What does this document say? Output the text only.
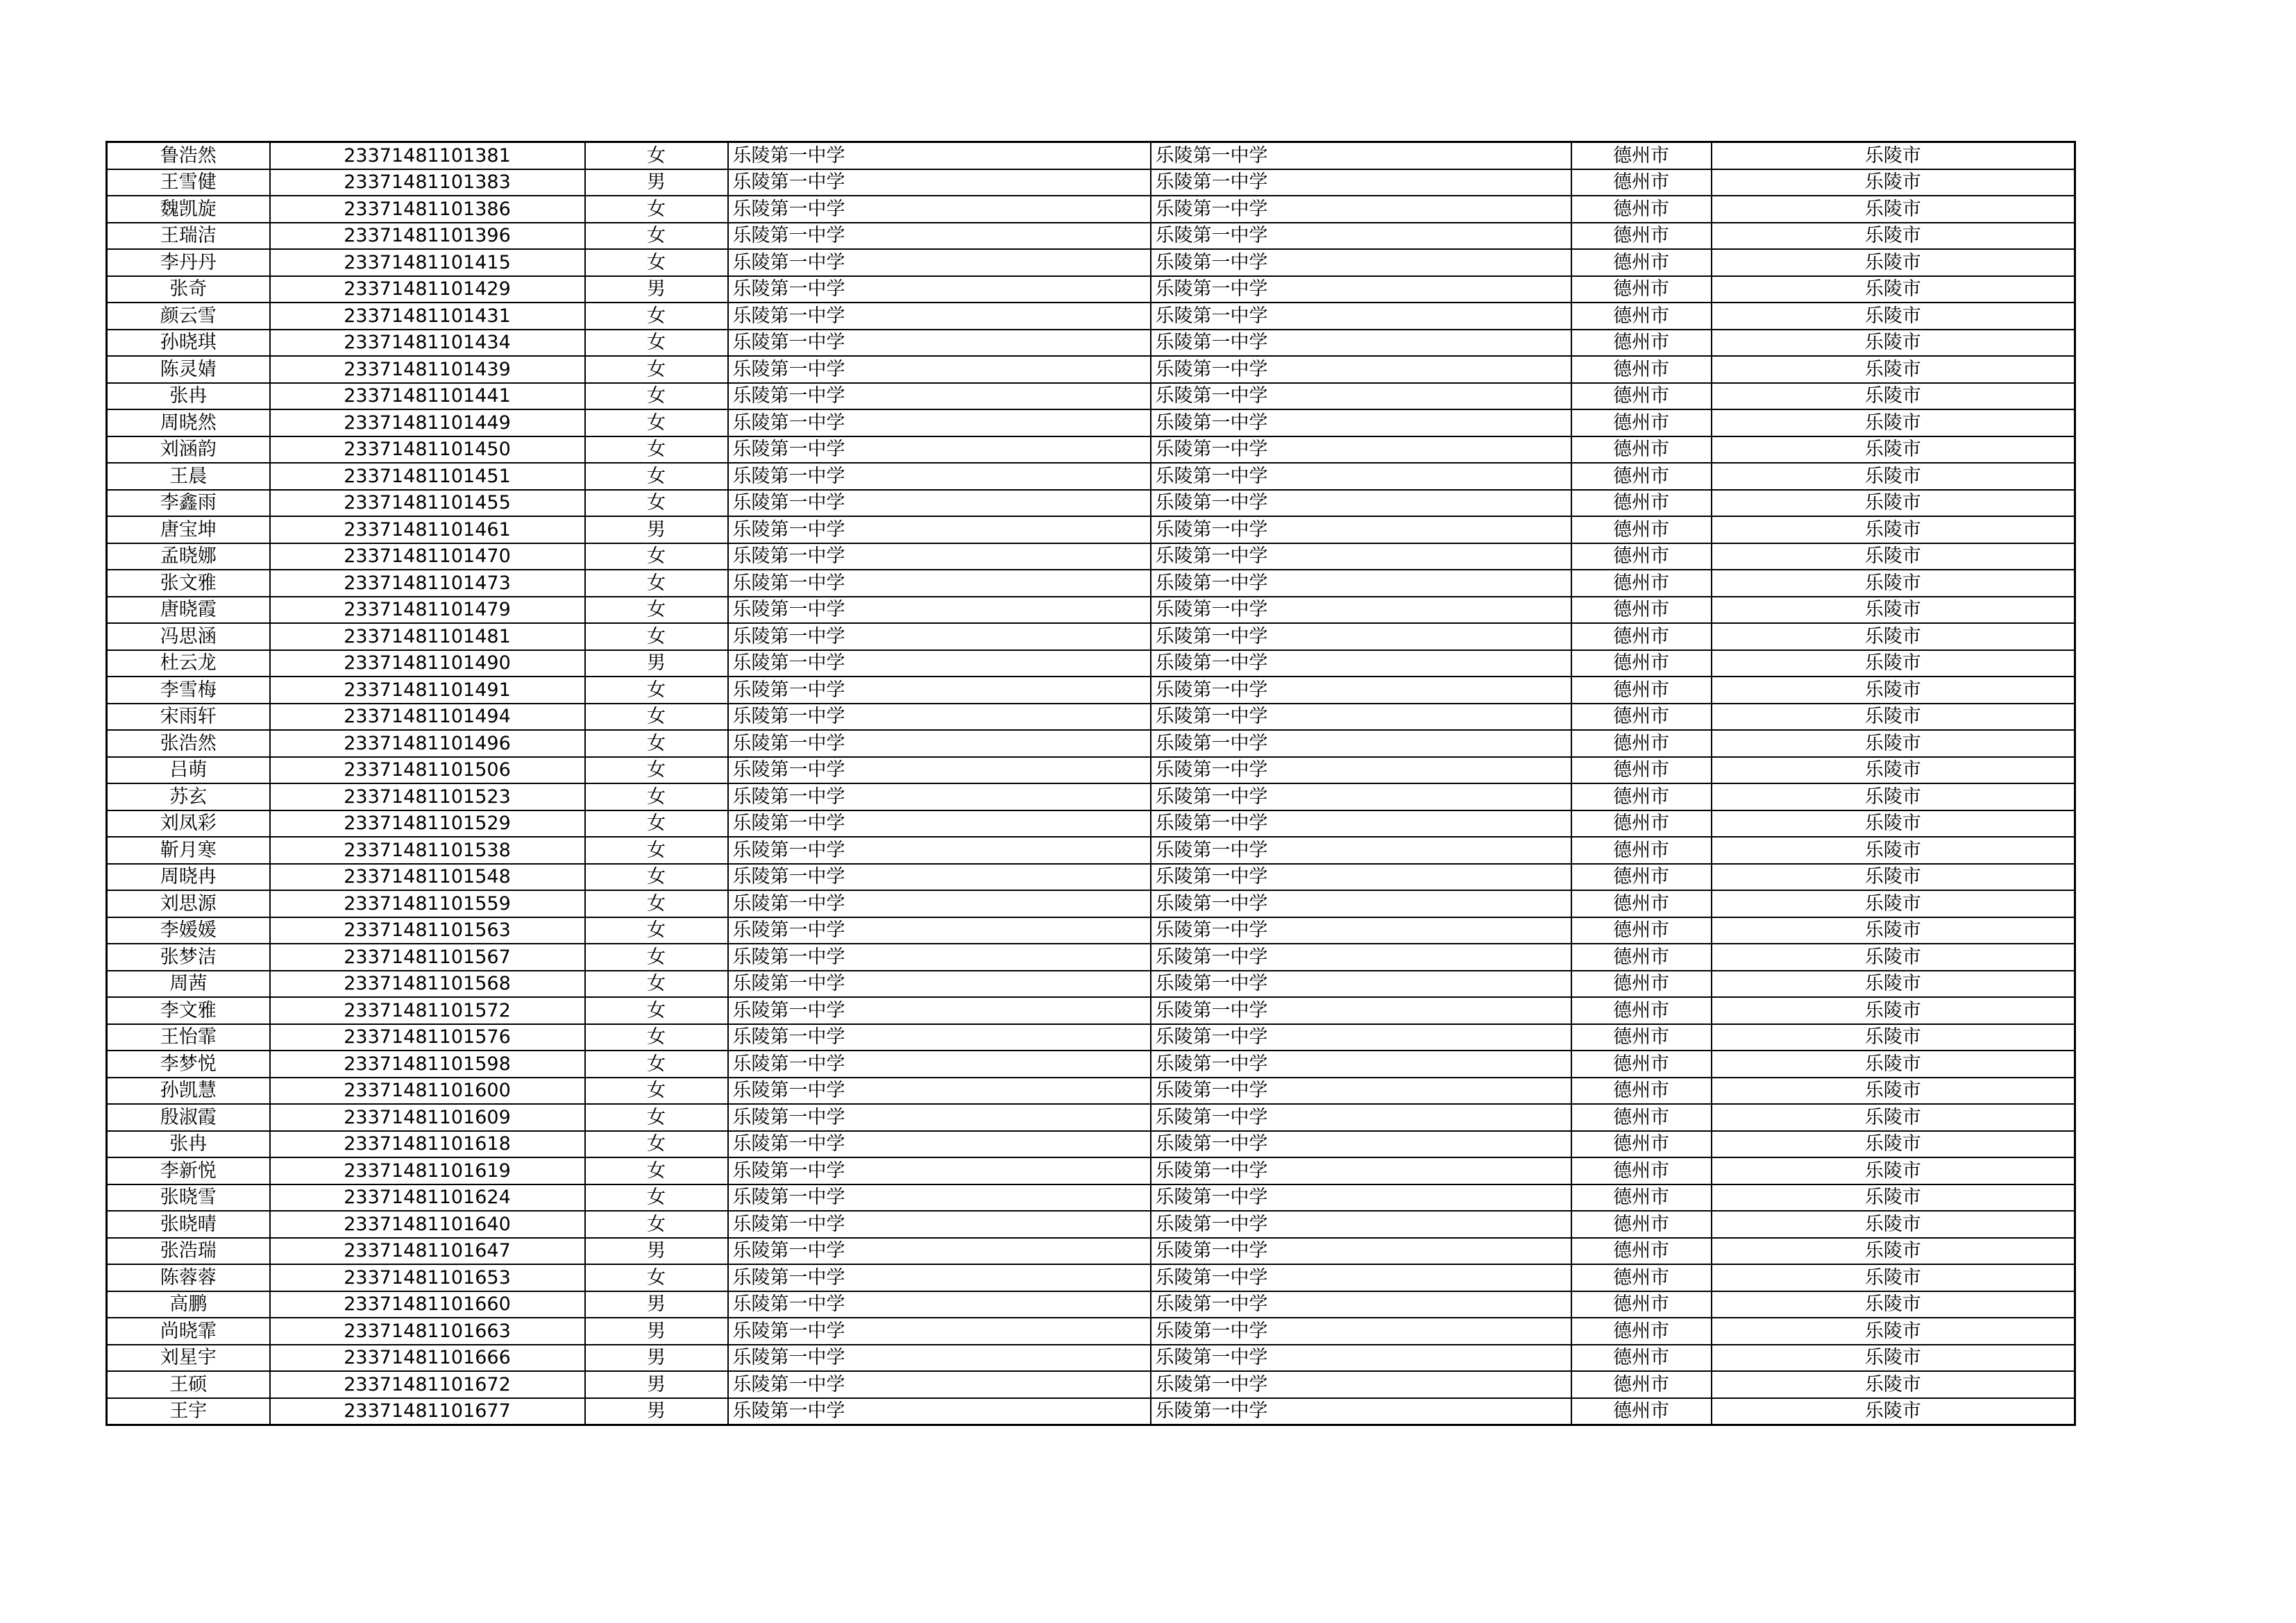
鲁浩然	23371481101381	女	乐陵第一中学	乐陵第一中学	德州市	乐陵市
王雪健	23371481101383	男	乐陵第一中学	乐陵第一中学	德州市	乐陵市
魏凯旋	23371481101386	女	乐陵第一中学	乐陵第一中学	德州市	乐陵市
王瑞洁	23371481101396	女	乐陵第一中学	乐陵第一中学	德州市	乐陵市
李丹丹	23371481101415	女	乐陵第一中学	乐陵第一中学	德州市	乐陵市
张奇	23371481101429	男	乐陵第一中学	乐陵第一中学	德州市	乐陵市
颜云雪	23371481101431	女	乐陵第一中学	乐陵第一中学	德州市	乐陵市
孙晓琪	23371481101434	女	乐陵第一中学	乐陵第一中学	德州市	乐陵市
陈灵婧	23371481101439	女	乐陵第一中学	乐陵第一中学	德州市	乐陵市
张冉	23371481101441	女	乐陵第一中学	乐陵第一中学	德州市	乐陵市
周晓然	23371481101449	女	乐陵第一中学	乐陵第一中学	德州市	乐陵市
刘涵韵	23371481101450	女	乐陵第一中学	乐陵第一中学	德州市	乐陵市
王晨	23371481101451	女	乐陵第一中学	乐陵第一中学	德州市	乐陵市
李鑫雨	23371481101455	女	乐陵第一中学	乐陵第一中学	德州市	乐陵市
唐宝坤	23371481101461	男	乐陵第一中学	乐陵第一中学	德州市	乐陵市
孟晓娜	23371481101470	女	乐陵第一中学	乐陵第一中学	德州市	乐陵市
张文雅	23371481101473	女	乐陵第一中学	乐陵第一中学	德州市	乐陵市
唐晓霞	23371481101479	女	乐陵第一中学	乐陵第一中学	德州市	乐陵市
冯思涵	23371481101481	女	乐陵第一中学	乐陵第一中学	德州市	乐陵市
杜云龙	23371481101490	男	乐陵第一中学	乐陵第一中学	德州市	乐陵市
李雪梅	23371481101491	女	乐陵第一中学	乐陵第一中学	德州市	乐陵市
宋雨轩	23371481101494	女	乐陵第一中学	乐陵第一中学	德州市	乐陵市
张浩然	23371481101496	女	乐陵第一中学	乐陵第一中学	德州市	乐陵市
吕萌	23371481101506	女	乐陵第一中学	乐陵第一中学	德州市	乐陵市
苏玄	23371481101523	女	乐陵第一中学	乐陵第一中学	德州市	乐陵市
刘凤彩	23371481101529	女	乐陵第一中学	乐陵第一中学	德州市	乐陵市
靳月寒	23371481101538	女	乐陵第一中学	乐陵第一中学	德州市	乐陵市
周晓冉	23371481101548	女	乐陵第一中学	乐陵第一中学	德州市	乐陵市
刘思源	23371481101559	女	乐陵第一中学	乐陵第一中学	德州市	乐陵市
李媛媛	23371481101563	女	乐陵第一中学	乐陵第一中学	德州市	乐陵市
张梦洁	23371481101567	女	乐陵第一中学	乐陵第一中学	德州市	乐陵市
周茜	23371481101568	女	乐陵第一中学	乐陵第一中学	德州市	乐陵市
李文雅	23371481101572	女	乐陵第一中学	乐陵第一中学	德州市	乐陵市
王怡霏	23371481101576	女	乐陵第一中学	乐陵第一中学	德州市	乐陵市
李梦悦	23371481101598	女	乐陵第一中学	乐陵第一中学	德州市	乐陵市
孙凯慧	23371481101600	女	乐陵第一中学	乐陵第一中学	德州市	乐陵市
殷淑霞	23371481101609	女	乐陵第一中学	乐陵第一中学	德州市	乐陵市
张冉	23371481101618	女	乐陵第一中学	乐陵第一中学	德州市	乐陵市
李新悦	23371481101619	女	乐陵第一中学	乐陵第一中学	德州市	乐陵市
张晓雪	23371481101624	女	乐陵第一中学	乐陵第一中学	德州市	乐陵市
张晓晴	23371481101640	女	乐陵第一中学	乐陵第一中学	德州市	乐陵市
张浩瑞	23371481101647	男	乐陵第一中学	乐陵第一中学	德州市	乐陵市
陈蓉蓉	23371481101653	女	乐陵第一中学	乐陵第一中学	德州市	乐陵市
高鹏	23371481101660	男	乐陵第一中学	乐陵第一中学	德州市	乐陵市
尚晓霏	23371481101663	男	乐陵第一中学	乐陵第一中学	德州市	乐陵市
刘星宇	23371481101666	男	乐陵第一中学	乐陵第一中学	德州市	乐陵市
王硕	23371481101672	男	乐陵第一中学	乐陵第一中学	德州市	乐陵市
王宇	23371481101677	男	乐陵第一中学	乐陵第一中学	德州市	乐陵市
